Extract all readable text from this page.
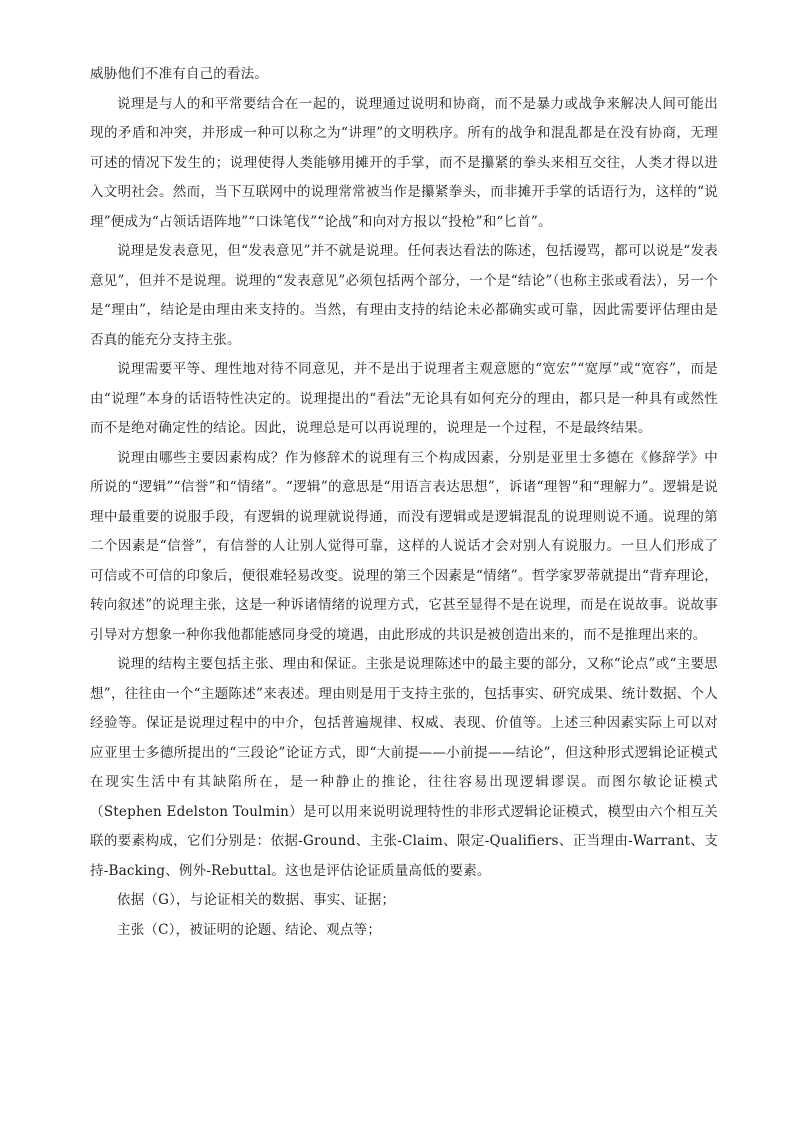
威胁他们不准有自己的看法。

说理是与人的和平常要结合在一起的，说理通过说明和协商，而不是暴力或战争来解决人间可能出现的矛盾和冲突，并形成一种可以称之为“讲理”的文明秩序。所有的战争和混乱都是在没有协商，无理可述的情况下发生的；说理使得人类能够用摊开的手掌，而不是攥紧的拳头来相互交往，人类才得以进入文明社会。然而，当下互联网中的说理常常被当作是攥紧拳头，而非摊开手掌的话语行为，这样的“说理”便成为“占领话语阵地”“口诛笔伐”“论战”和向对方报以“投枪”和“匕首”。

说理是发表意见，但“发表意见”并不就是说理。任何表达看法的陈述，包括谩骂，都可以说是“发表意见”，但并不是说理。说理的“发表意见”必须包括两个部分，一个是“结论”（也称主张或看法），另一个是“理由”，结论是由理由来支持的。当然，有理由支持的结论未必都确实或可靠，因此需要评估理由是否真的能充分支持主张。

说理需要平等、理性地对待不同意见，并不是出于说理者主观意愿的“宽宏”“宽厚”或“宽容”，而是由“说理”本身的话语特性决定的。说理提出的“看法”无论具有如何充分的理由，都只是一种具有或然性而不是绝对确定性的结论。因此，说理总是可以再说理的，说理是一个过程，不是最终结果。

说理由哪些主要因素构成？作为修辞术的说理有三个构成因素，分别是亚里士多德在《修辞学》中所说的“逻辑”“信誉”和“情绪”。“逻辑”的意思是“用语言表达思想”，诉诸“理智”和“理解力”。逻辑是说理中最重要的说服手段，有逻辑的说理就说得通，而没有逻辑或是逻辑混乱的说理则说不通。说理的第二个因素是“信誉”，有信誉的人让别人觉得可靠，这样的人说话才会对别人有说服力。一旦人们形成了可信或不可信的印象后，便很难轻易改变。说理的第三个因素是“情绪”。哲学家罗蒂就提出“背弃理论，转向叙述”的说理主张，这是一种诉诸情绪的说理方式，它甚至显得不是在说理，而是在说故事。说故事引导对方想象一种你我他都能感同身受的境遇，由此形成的共识是被创造出来的，而不是推理出来的。

说理的结构主要包括主张、理由和保证。主张是说理陈述中的最主要的部分，又称“论点”或“主要思想”，往往由一个“主题陈述”来表述。理由则是用于支持主张的，包括事实、研究成果、统计数据、个人经验等。保证是说理过程中的中介，包括普遍规律、权威、表现、价值等。上述三种因素实际上可以对应亚里士多德所提出的“三段论”论证方式，即“大前提——小前提——结论”，但这种形式逻辑论证模式在现实生活中有其缺陷所在，是一种静止的推论，往往容易出现逻辑谬误。而图尔敏论证模式（Stephen Edelston Toulmin）是可以用来说明说理特性的非形式逻辑论证模式，模型由六个相互关联的要素构成，它们分别是：依据-Ground、主张-Claim、限定-Qualifiers、正当理由-Warrant、支持-Backing、例外-Rebuttal。这也是评估论证质量高低的要素。

依据（G），与论证相关的数据、事实、证据；

主张（C），被证明的论题、结论、观点等；
